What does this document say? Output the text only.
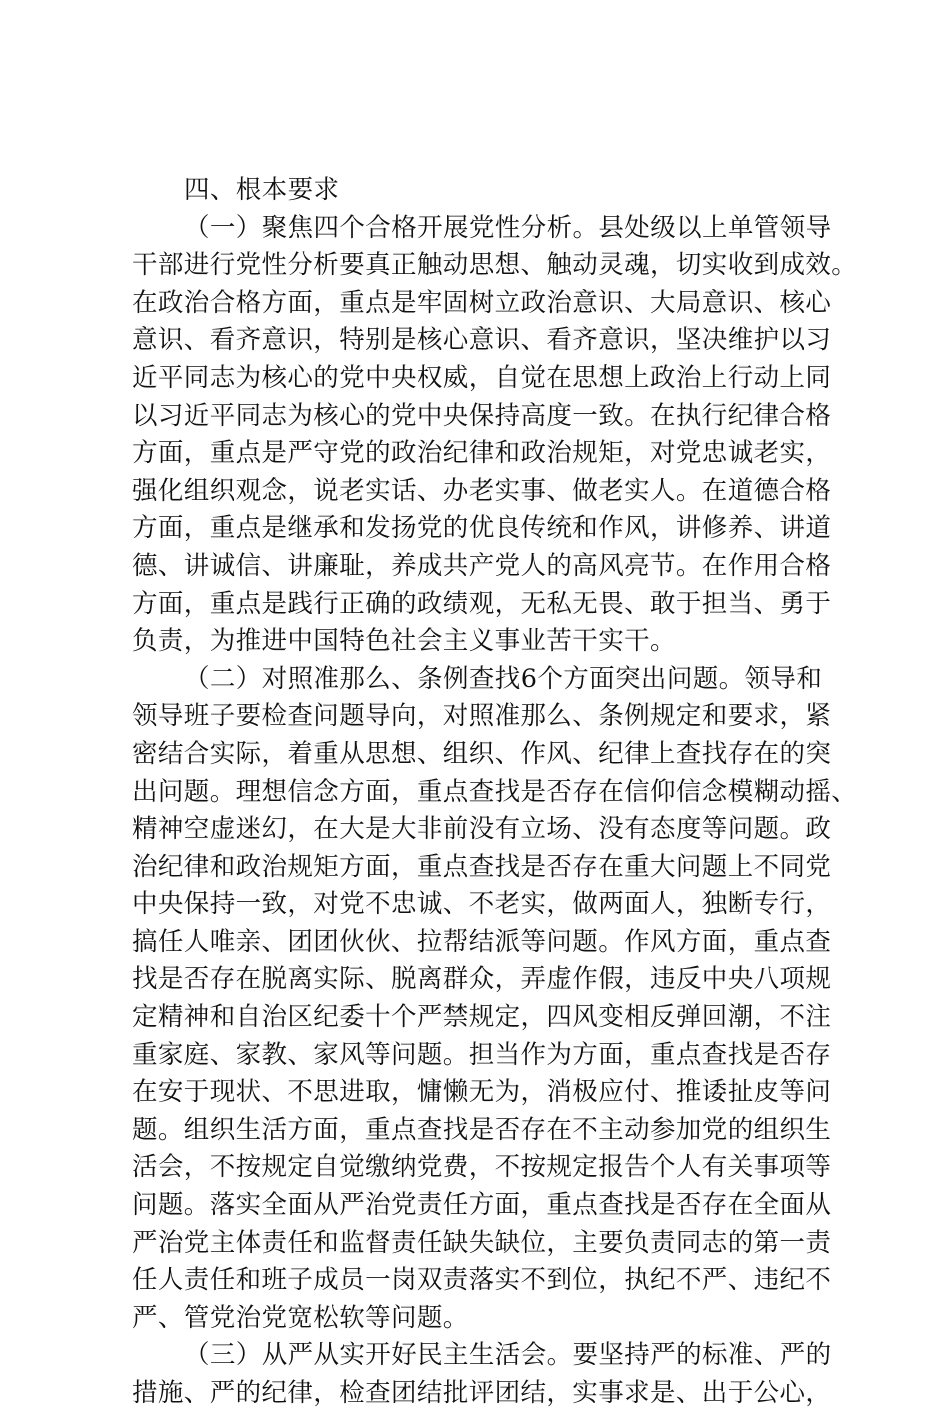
四、根本要求
（一）聚焦四个合格开展党性分析。县处级以上单管领导
干部进行党性分析要真正触动思想、触动灵魂，切实收到成效。
在政治合格方面，重点是牢固树立政治意识、大局意识、核心
意识、看齐意识，特别是核心意识、看齐意识，坚决维护以习
近平同志为核心的党中央权威，自觉在思想上政治上行动上同
以习近平同志为核心的党中央保持高度一致。在执行纪律合格
方面，重点是严守党的政治纪律和政治规矩，对党忠诚老实，
强化组织观念，说老实话、办老实事、做老实人。在道德合格
方面，重点是继承和发扬党的优良传统和作风，讲修养、讲道
德、讲诚信、讲廉耻，养成共产党人的高风亮节。在作用合格
方面，重点是践行正确的政绩观，无私无畏、敢于担当、勇于
负责，为推进中国特色社会主义事业苦干实干。
（二）对照准那么、条例查找6个方面突出问题。领导和
领导班子要检查问题导向，对照准那么、条例规定和要求，紧
密结合实际，着重从思想、组织、作风、纪律上查找存在的突
出问题。理想信念方面，重点查找是否存在信仰信念模糊动摇、
精神空虚迷幻，在大是大非前没有立场、没有态度等问题。政
治纪律和政治规矩方面，重点查找是否存在重大问题上不同党
中央保持一致，对党不忠诚、不老实，做两面人，独断专行，
搞任人唯亲、团团伙伙、拉帮结派等问题。作风方面，重点查
找是否存在脱离实际、脱离群众，弄虚作假，违反中央八项规
定精神和自治区纪委十个严禁规定，四风变相反弹回潮，不注
重家庭、家教、家风等问题。担当作为方面，重点查找是否存
在安于现状、不思进取，慵懒无为，消极应付、推诿扯皮等问
题。组织生活方面，重点查找是否存在不主动参加党的组织生
活会，不按规定自觉缴纳党费，不按规定报告个人有关事项等
问题。落实全面从严治党责任方面，重点查找是否存在全面从
严治党主体责任和监督责任缺失缺位，主要负责同志的第一责
任人责任和班子成员一岗双责落实不到位，执纪不严、违纪不
严、管党治党宽松软等问题。
（三）从严从实开好民主生活会。要坚持严的标准、严的
措施、严的纪律，检查团结批评团结，实事求是、出于公心，
